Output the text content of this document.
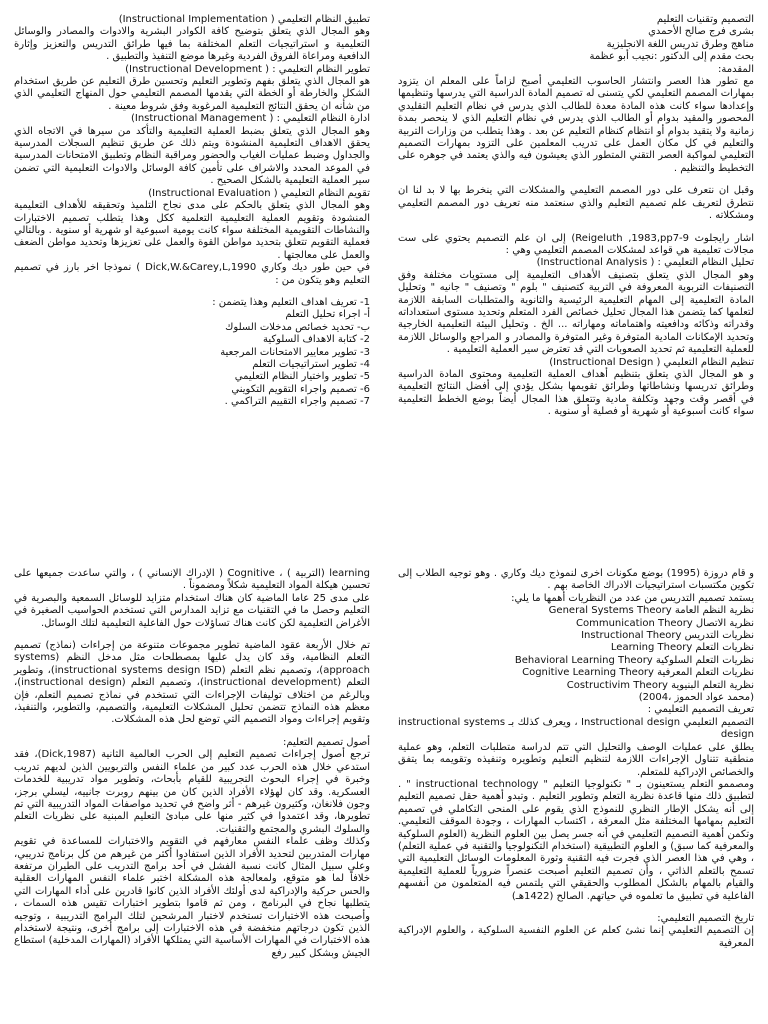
التصميم وتقنيات التعليم

بشرى فرج صالح الأحمدي

مناهج وطرق تدريس اللغة الانجليزية

بحث مقدم إلى الدكتور :نجيب أبو عظمة

المقدمة:

مع تطور هذا العصر وانتشار الحاسوب التعليمي أصبح لزاماً على المعلم ان يتزود بمهارات المصمم التعليمي لكي يتسنى له تصميم المادة الدراسية التي يدرسها وتنظيمها وإعدادها سواء كانت هذه المادة معدة للطالب الذي يدرس في نظام التعليم التقليدي المحصور والمقيد بدوام أو الطالب الذي يدرس في نظام التعليم الذي لا ينحصر بمدة زمانية ولا يتقيد بدوام أو انتظام كنظام التعليم عن بعد . وهذا يتطلب من وزارات التربية والتعليم في كل مكان العمل على تدريب المعلمين على التزود بمهارات التصميم التعليمي لمواكبة العصر التقني المتطور الذي يعيشون فيه والذي يعتمد في جوهره على التخطيط والتنظيم .

وقبل ان نتعرف على دور المصمم التعليمي والمشكلات التي ينخرط بها لا بد لنا ان نتطرق لتعريف علم تصميم التعليم والذي سنعتمد منه تعريف دور المصمم التعليمي ومشكلاته .

اشار رايجلوث Reigeluth ,1983,pp7-9) إلى ان علم التصميم يحتوي على ست مجالات تعليمية هي قواعد لمشكلات المصمم التعليمي وهي :

تحليل النظام التعليمي : ( Instructional Analysis)

وهو المجال الذي يتعلق بتصنيف الأهداف التعليمية إلى مستويات مختلفة وفق التصنيفات التربوية المعروفة في التربية كتصنيف " بلوم " وتصنيف " جانيه " وتحليل المادة التعليمية إلى المهام التعليمية الرئيسية والثانوية والمتطلبات السابقة اللازمة لتعلمها كما يتضمن هذا المجال تحليل خصائص الفرد المتعلم وتحديد مستوى استعداداته وقدراته وذكائه ودافعيته واهتماماته ومهاراته ... الخ . وتحليل البيئة التعليمية الخارجية وتحديد الإمكانات المادية المتوفرة وغير المتوفرة والمصادر و المراجع والوسائل اللازمة للعملية التعليمية ثم تحديد الصعوبات التي قد تعترض سير العملية التعليمية .

تنظيم النظام التعليمي ( Instructional Design)

و هو المجال الذي يتعلق بتنظيم أهداف العملية التعليمية ومحتوى المادة الدراسية وطرائق تدريسها ونشاطاتها وطرائق تقويمها بشكل يؤدي إلى أفضل النتائج التعليمية في أقصر وقت وجهد وتكلفة مادية وتتعلق هذا المجال أيضاً بوضع الخطط التعليمية سواء كانت أسبوعية أو شهرية أو فصلية أو سنوية .

تطبيق النظام التعليمي ( Instructional Implementation)

وهو المجال الذي يتعلق بتوضيح كافة الكوادر البشرية والادوات والمصادر والوسائل التعليمية و استراتيجيات التعلم المختلفة بما فيها طرائق التدريس والتعزيز وإثارة الدافعية ومراعاة الفروق الفردية وغيرها موضع التنفيذ والتطبيق .

تطوير النظام التعليمي : ( Instructional Development)

هو المجال الذي يتعلق بفهم وتطوير التعليم وتحسين طرق التعليم عن طريق استخدام الشكل والخارطة أو الخطة التي يقدمها المصمم التعليمي حول المنهاج التعليمي الذي من شأنه ان يحقق النتائج التعليمية المرغوبة وفق شروط معينة .

ادارة النظام التعليمي : ( Instructional Management)

وهو المجال الذي يتعلق بضبط العملية التعليمية والتأكد من سيرها في الاتجاه الذي يحقق الاهداف التعليمية المنشودة ويتم ذلك عن طريق تنظيم السجلات المدرسية والجداول وضبط عمليات الغياب والحضور ومراقبة النظام وتطبيق الامتحانات المدرسية في الموعد المحدد والاشراف على تأمين كافة الوسائل والادوات التعليمية التي تضمن سير العملية التعليمية بالشكل الصحيح .

تقويم النظام التعليمي ( Instructional Evaluation)

وهو المجال الذي يتعلق بالحكم على مدى نجاح التلميذ وتحقيقه للأهداف التعليمية المنشودة وتقويم العملية التعليمية التعلمية ككل وهذا يتطلب تصميم الاختبارات والنشاطات التقويمية المختلفة سواء كانت يومية اسبوعية او شهرية أو سنوية . وبالتالي فعملية التقويم تتعلق بتحديد مواطن القوة والعمل على تعزيزها وتحديد مواطن الضعف والعمل على معالجتها .

في حين طور ديك وكاري Dick,W.&Carey,L,1990 ) نموذجا اخر بارز في تصميم التعليم وهو يتكون من :

1- تعريف اهداف التعليم وهذا يتضمن :

أ- اجراء تحليل التعلم

ب- تحديد خصائص مدخلات السلوك

2- كتابة الاهداف السلوكية

3- تطوير معايير الامتحانات المرجعية

4- تطوير استراتيجيات التعلم

5- تطوير واختيار النظام التعليمي

6- تصميم واجراء التقويم التكويني

7- تصميم واجراء التقييم التراكمي .

و قام دروزة (1995) بوضع مكونات اخرى لنموذج ديك وكاري . وهو توجيه الطلاب إلى تكوين مكتسبات استراتيجيات الادراك الخاصة بهم .

يستمد تصميم التدريس من عدد من النظريات أهمها ما يلي:

نظرية النظم العامة General Systems Theory

نظرية الاتصال Communication Theory

نظريات التدريس Instructional Theory

نظريات التعلم Learning Theory

نظريات التعلم السلوكية Behavioral Learning Theory

نظريات التعلم المعرفية Cognitive Learning Theory

نظرية التعلم البنيوية Costructivim Theory

(محمد عواد الحموز ،2004)

تعريف التصميم التعليمي :

التصميم التعليمي Instructional design ، ويعرف كذلك بـ instructional systems design

يطلق على عمليات الوصف والتحليل التي تتم لدراسة متطلبات التعلم، وهو عملية منطقية تتناول الإجراءات اللازمة لتنظيم التعليم وتطويره وتنفيذه وتقويمه بما يتفق والخصائص الإدراكية للمتعلم.

ومصممو التعلم يستعينون بـ " تكنولوجيا التعليم " instructional technology " . لتطبيق ذلك منها قاعدة نظرية التعلم وتطوير التعليم . وتبدو أهمية حقل تصميم التعليم إلى أنه يشكل الإطار النظري للنموذج الذي يقوم على المنحى التكاملي في تصميم التعليم بمهامها المختلفة مثل المعرفة ، اكتساب المهارات ، وجودة الموقف التعليمي. وتكمن أهمية التصميم التعليمي في أنه جسر يصل بين العلوم النظرية (العلوم السلوكية والمعرفية كما سبق) و العلوم التطبيقية (استخدام التكنولوجيا والتقنية في عملية التعلم) ، وهي في هذا العصر الذي فجرت فيه التقنية وثورة المعلومات الوسائل التعليمية التي تسمح بالتعلم الذاتي ، وأن تصميم التعليم أصبحت عنصراً ضرورياً للعملية التعليمية والقيام بالمهام بالشكل المطلوب والحقيقي التي يلتمس فيه المتعلمون من أنفسهم الفاعلية في تطبيق ما تعلموه في حياتهم. الصالح (1422هـ)

تاريخ التصميم التعليمي:

إن التصميم التعليمي إنما نشئ كعلم عن العلوم النفسية السلوكية ، والعلوم الإدراكية المعرفية

learning (التربية ) ، Cognitive ( الإدراك الإنساني ) ، والتي ساعدت جميعها على تحسين هيكلة المواد التعليمية شكلاً ومضموناً .

على مدى 25 عاما الماضية كان هناك استخدام متزايد للوسائل السمعية والبصرية في التعليم وحصل ما في التقنيات مع تزايد المدارس التي تستخدم الحواسيب الصغيرة في الأغراض التعليمية لكن كانت هناك تساؤلات حول الفاعلية التعليمية لتلك الوسائل.

تم خلال الأربعة عقود الماضية تطوير مجموعات متنوعة من إجراءات (نماذج) تصميم التعلم النظامية، وقد كان يدل عليها بمصطلحات مثل مدخل النظم (systems approach)، وتصميم نظم التعلم (instructional systems design ISD)، وتطوير التعلم (instructional development)، وتصميم التعلم (instructional design)، وبالرغم من اختلاف توليفات الإجراءات التي تستخدم في نماذج تصميم التعلم، فإن معظم هذه النماذج تتضمن تحليل المشكلات التعليمية، والتصميم، والتطوير، والتنفيذ، وتقويم إجراءات ومواد التصميم التي توضع لحل هذه المشكلات.

أصول تصميم التعليم:

ترجع أصول إجراءات تصميم التعليم إلى الحرب العالمية الثانية (Dick,1987)، فقد استدعي خلال هذه الحرب عدد كبير من علماء النفس والتربويين الذين لديهم تدريب وخبرة في إجراء البحوث التجريبية للقيام بأبحاث، وتطوير مواد تدريبية للخدمات العسكرية. وقد كان لهؤلاء الأفراد الذين كان من بينهم روبرت جانييه، ليسلي برجز، وجون فلانغان، وكثيرون غيرهم - أثر واضح في تحديد مواصفات المواد التدريبية التي تم تطويرها، وقد اعتمدوا في كثير منها على مبادئ التعليم المبنية على نظريات التعلم والسلوك البشري والمجتمع والتقنيات.

وكذلك وظف علماء النفس معارفهم في التقويم والاختبارات للمساعدة في تقويم مهارات المتدربين لتحديد الأفراد الذين استفادوا أكثر من غيرهم من كل برنامج تدريبي، وعلى سبيل المثال كانت نسبة الفشل في أحد برامج التدريب على الطيران مرتفعة خلافاً لما هو متوقع، ولمعالجة هذه المشكلة اختبر علماء النفس المهارات العقلية والحس حركية والإدراكية لدى أولئك الأفراد الذين كانوا قادرين على أداء المهارات التي يتطلبها نجاح في البرنامج ، ومن ثم قاموا بتطوير اختبارات تقيس هذه السمات ، وأصبحت هذه الاختبارات تستخدم لاختبار المرشحين لتلك البرامج التدريبية ، وتوجيه الذين تكون درجاتهم منخفضة في هذه الاختبارات إلى برامج أخرى، ونتيجة لاستخدام هذه الاختبارات في المهارات الأساسية التي يمتلكها الأفراد (المهارات المدخلية) استطاع الجيش وبشكل كبير رفع
